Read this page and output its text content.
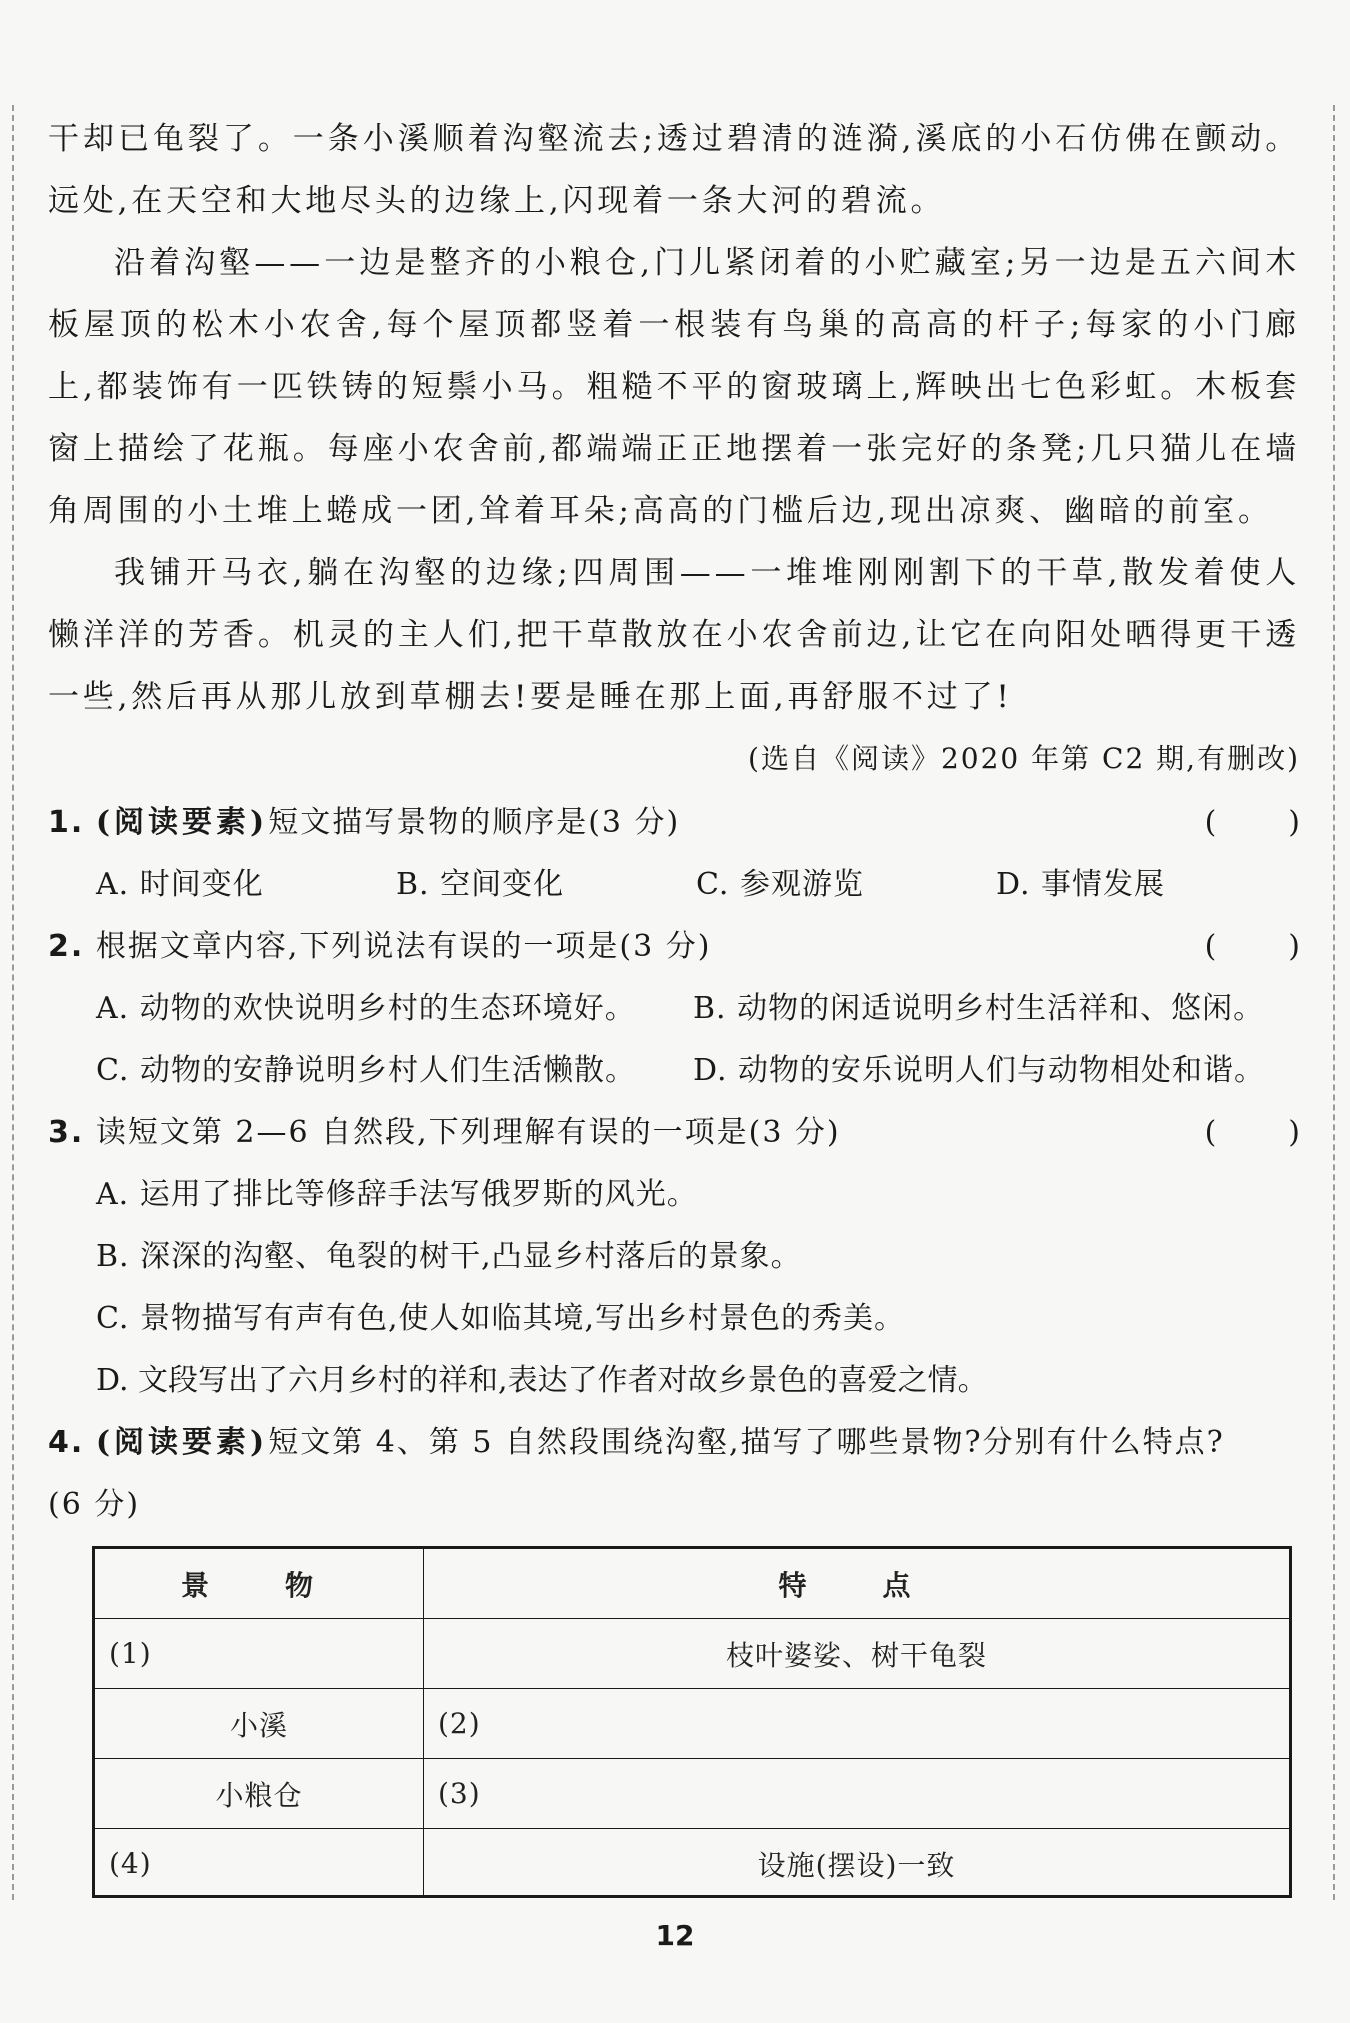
干却已龟裂了。一条小溪顺着沟壑流去;透过碧清的涟漪,溪底的小石仿佛在颤动。远处,在天空和大地尽头的边缘上,闪现着一条大河的碧流。

沿着沟壑——一边是整齐的小粮仓,门儿紧闭着的小贮藏室;另一边是五六间木板屋顶的松木小农舍,每个屋顶都竖着一根装有鸟巢的高高的杆子;每家的小门廊上,都装饰有一匹铁铸的短鬃小马。粗糙不平的窗玻璃上,辉映出七色彩虹。木板套窗上描绘了花瓶。每座小农舍前,都端端正正地摆着一张完好的条凳;几只猫儿在墙角周围的小土堆上蜷成一团,耸着耳朵;高高的门槛后边,现出凉爽、幽暗的前室。

我铺开马衣,躺在沟壑的边缘;四周围——一堆堆刚刚割下的干草,散发着使人懒洋洋的芳香。机灵的主人们,把干草散放在小农舍前边,让它在向阳处晒得更干透一些,然后再从那儿放到草棚去!要是睡在那上面,再舒服不过了!

(选自《阅读》2020 年第 C2 期,有删改)

1. (阅读要素)短文描写景物的顺序是(3 分)	( )
A. 时间变化	B. 空间变化	C. 参观游览	D. 事情发展
2. 根据文章内容,下列说法有误的一项是(3 分)	( )
A. 动物的欢快说明乡村的生态环境好。 B. 动物的闲适说明乡村生活祥和、悠闲。
C. 动物的安静说明乡村人们生活懒散。 D. 动物的安乐说明人们与动物相处和谐。
3. 读短文第 2—6 自然段,下列理解有误的一项是(3 分)	( )
A. 运用了排比等修辞手法写俄罗斯的风光。
B. 深深的沟壑、龟裂的树干,凸显乡村落后的景象。
C. 景物描写有声有色,使人如临其境,写出乡村景色的秀美。
D. 文段写出了六月乡村的祥和,表达了作者对故乡景色的喜爱之情。
4. (阅读要素)短文第 4、第 5 自然段围绕沟壑,描写了哪些景物?分别有什么特点?
(6 分)
景　物	特　点
(1)	枝叶婆娑、树干龟裂
小溪	(2)
小粮仓	(3)
(4)	设施(摆设)一致
12
